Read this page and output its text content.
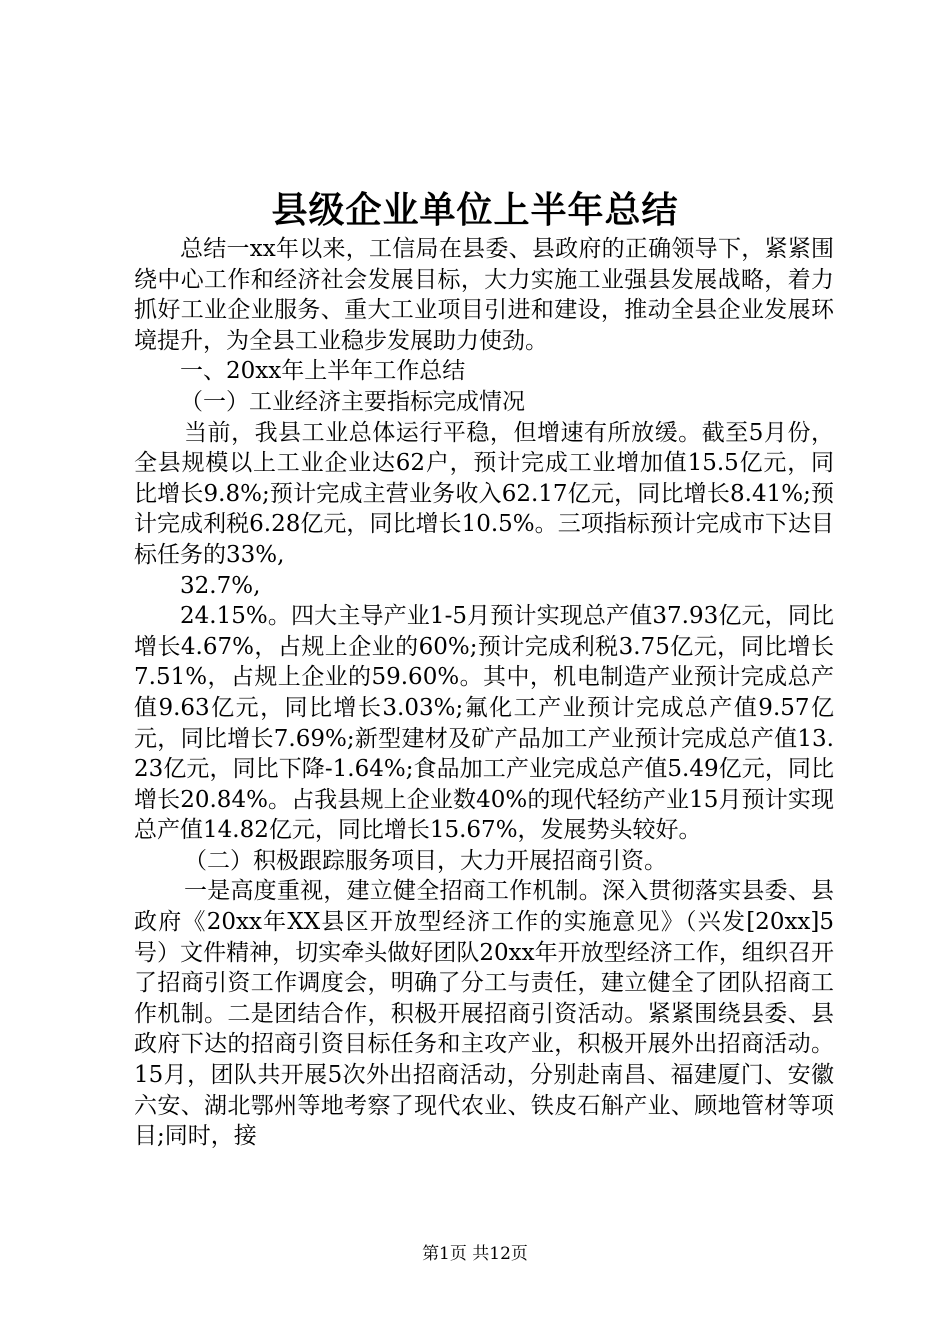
县级企业单位上半年总结

总结一xx年以来，工信局在县委、县政府的正确领导下，紧紧围绕中心工作和经济社会发展目标，大力实施工业强县发展战略，着力抓好工业企业服务、重大工业项目引进和建设，推动全县企业发展环境提升，为全县工业稳步发展助力使劲。

一、20xx年上半年工作总结

（一）工业经济主要指标完成情况

当前，我县工业总体运行平稳，但增速有所放缓。截至5月份，全县规模以上工业企业达62户，预计完成工业增加值15.5亿元，同比增长9.8%;预计完成主营业务收入62.17亿元，同比增长8.41%;预计完成利税6.28亿元，同比增长10.5%。三项指标预计完成市下达目标任务的33%,

32.7%,

24.15%。四大主导产业1-5月预计实现总产值37.93亿元，同比增长4.67%，占规上企业的60%;预计完成利税3.75亿元，同比增长7.51%，占规上企业的59.60%。其中，机电制造产业预计完成总产值9.63亿元，同比增长3.03%;氟化工产业预计完成总产值9.57亿元，同比增长7.69%;新型建材及矿产品加工产业预计完成总产值13.23亿元，同比下降-1.64%;食品加工产业完成总产值5.49亿元，同比增长20.84%。占我县规上企业数40%的现代轻纺产业15月预计实现总产值14.82亿元，同比增长15.67%，发展势头较好。

（二）积极跟踪服务项目，大力开展招商引资。

一是高度重视，建立健全招商工作机制。深入贯彻落实县委、县政府《20xx年XX县区开放型经济工作的实施意见》（兴发[20xx]5号）文件精神，切实牵头做好团队20xx年开放型经济工作，组织召开了招商引资工作调度会，明确了分工与责任，建立健全了团队招商工作机制。二是团结合作，积极开展招商引资活动。紧紧围绕县委、县政府下达的招商引资目标任务和主攻产业，积极开展外出招商活动。15月，团队共开展5次外出招商活动，分别赴南昌、福建厦门、安徽六安、湖北鄂州等地考察了现代农业、铁皮石斛产业、顾地管材等项目;同时，接

第1页 共12页
